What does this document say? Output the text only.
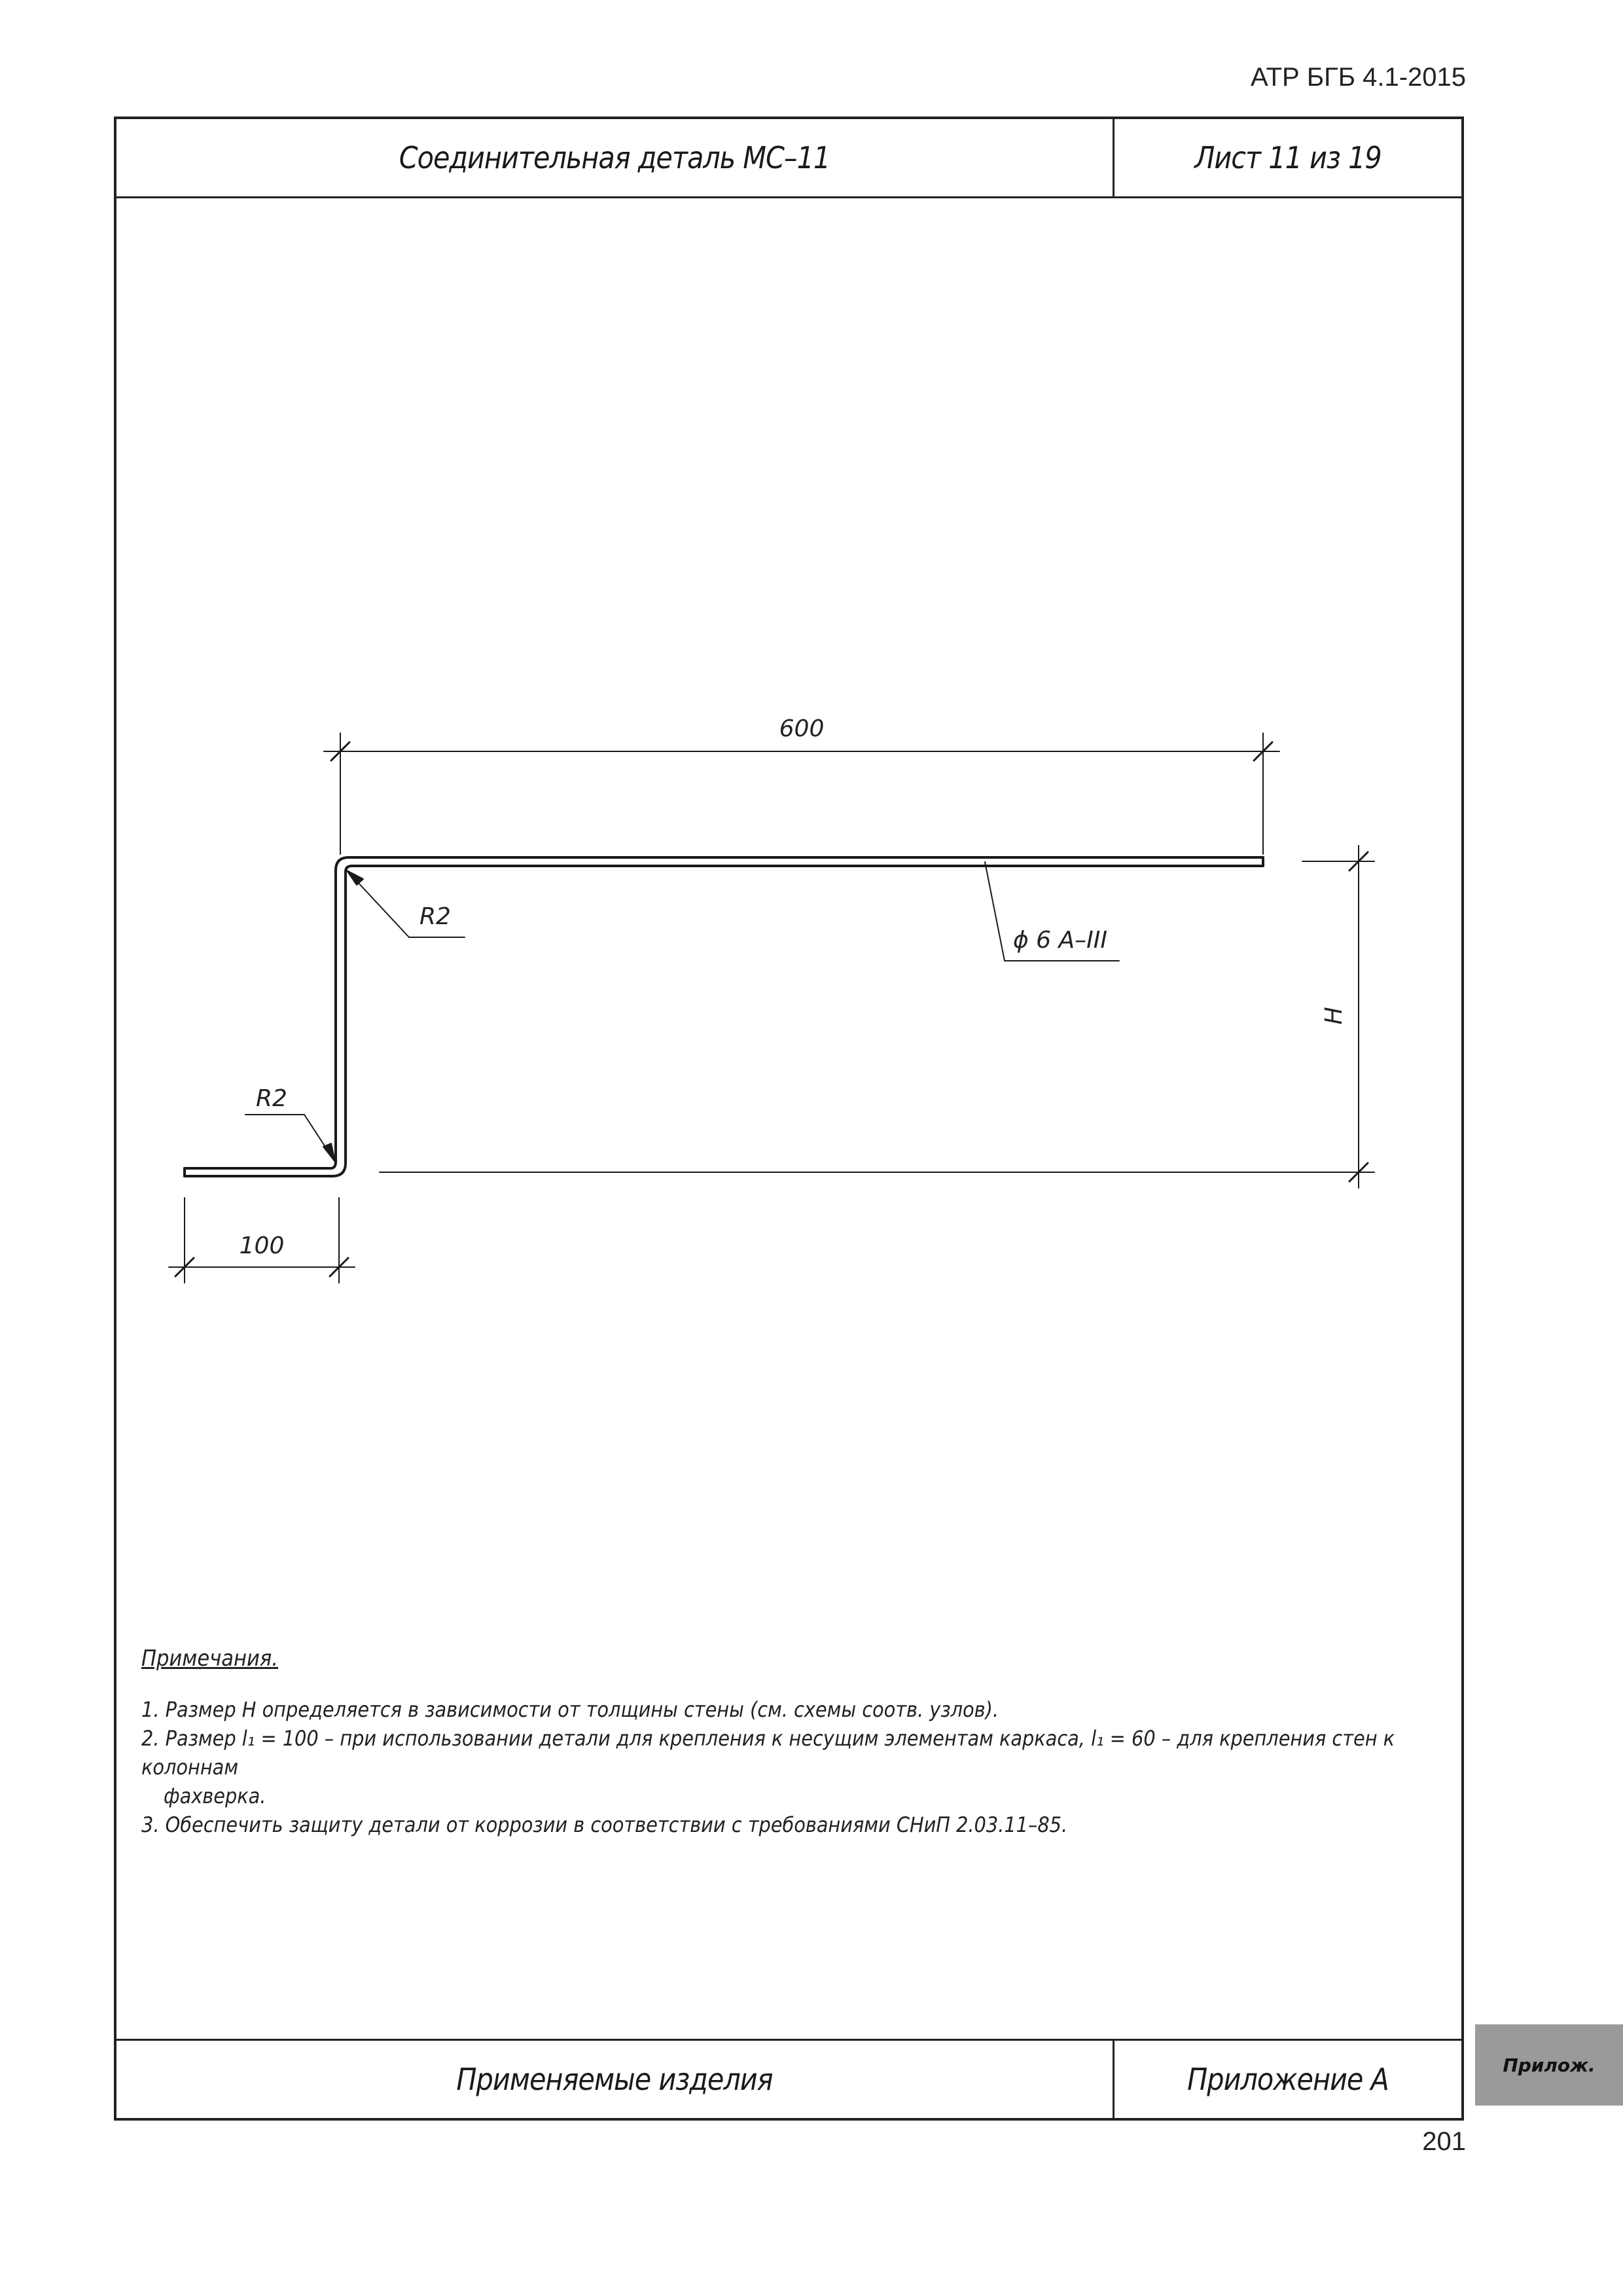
АТР БГБ 4.1-2015
Соединительная деталь МС–11	Лист 11 из 19
Примечания.

1. Размер H определяется в зависимости от толщины стены (см. схемы соотв. узлов).

2. Размер l₁ = 100 – при использовании детали для крепления к несущим элементам каркаса, l₁ = 60 – для крепления стен к колоннам

фахверка.

3. Обеспечить защиту детали от коррозии в соответствии с требованиями СНиП 2.03.11–85.

Применяемые изделия	Приложение А
600
100
H
R2
R2
ϕ 6 А–III
Прилож.
201
